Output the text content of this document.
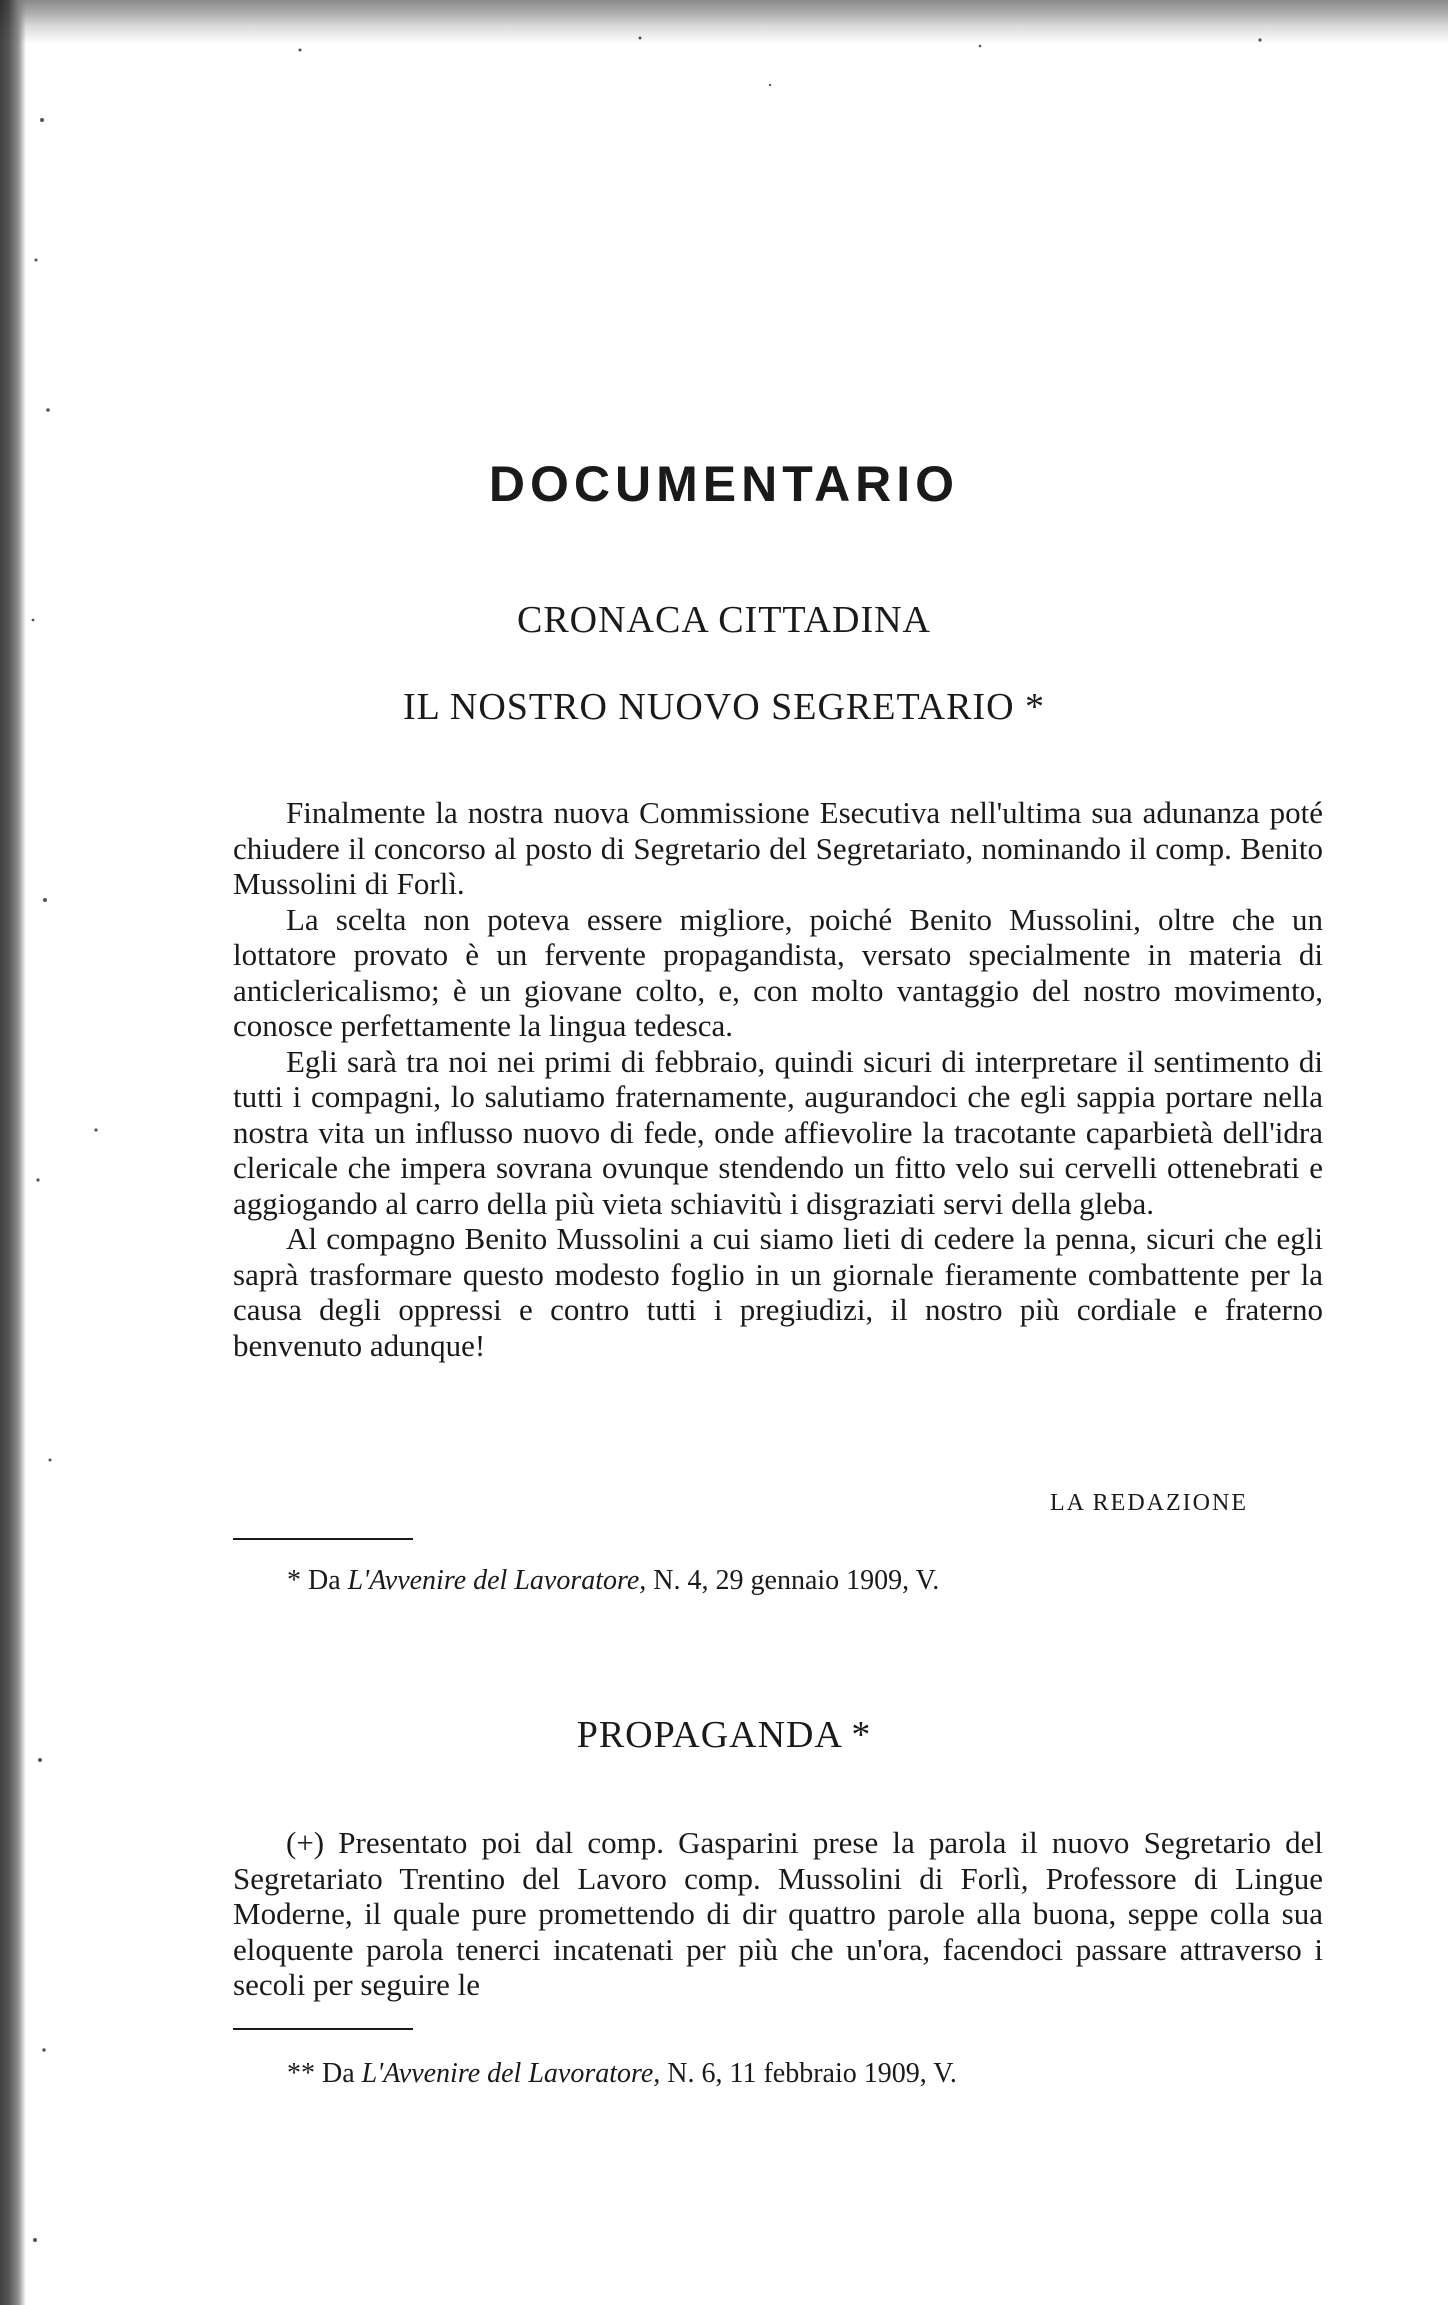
DOCUMENTARIO
CRONACA CITTADINA
IL NOSTRO NUOVO SEGRETARIO *

Finalmente la nostra nuova Commissione Esecutiva nell'ultima sua adunanza poté chiudere il concorso al posto di Segretario del Segretariato, nominando il comp. Benito Mussolini di Forlì.

La scelta non poteva essere migliore, poiché Benito Mussolini, oltre che un lottatore provato è un fervente propagandista, versato specialmente in materia di anticlericalismo; è un giovane colto, e, con molto vantaggio del nostro movimento, conosce perfettamente la lingua tedesca.

Egli sarà tra noi nei primi di febbraio, quindi sicuri di interpretare il sentimento di tutti i compagni, lo salutiamo fraternamente, augurandoci che egli sappia portare nella nostra vita un influsso nuovo di fede, onde affievolire la tracotante caparbietà dell'idra clericale che impera sovrana ovunque stendendo un fitto velo sui cervelli ottenebrati e aggiogando al carro della più vieta schiavitù i disgraziati servi della gleba.

Al compagno Benito Mussolini a cui siamo lieti di cedere la penna, sicuri che egli saprà trasformare questo modesto foglio in un giornale fieramente combattente per la causa degli oppressi e contro tutti i pregiudizi, il nostro più cordiale e fraterno benvenuto adunque!

LA REDAZIONE

* Da L'Avvenire del Lavoratore, N. 4, 29 gennaio 1909, V.

PROPAGANDA *

(+) Presentato poi dal comp. Gasparini prese la parola il nuovo Segretario del Segretariato Trentino del Lavoro comp. Mussolini di Forlì, Professore di Lingue Moderne, il quale pure promettendo di dir quattro parole alla buona, seppe colla sua eloquente parola tenerci incatenati per più che un'ora, facendoci passare attraverso i secoli per seguire le

** Da L'Avvenire del Lavoratore, N. 6, 11 febbraio 1909, V.
